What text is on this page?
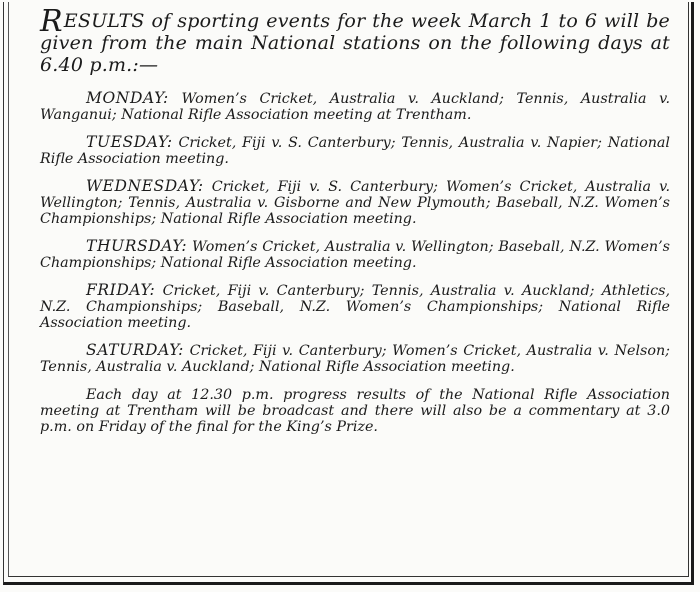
RESULTS of sporting events for the week March 1 to 6 will be given from the main National stations on the following days at 6.40 p.m.:—

MONDAY: Women’s Cricket, Australia v. Auckland; Tennis, Australia v. Wanganui; National Rifle Association meeting at Trentham.

TUESDAY: Cricket, Fiji v. S. Canterbury; Tennis, Australia v. Napier; National Rifle Association meeting.

WEDNESDAY: Cricket, Fiji v. S. Canterbury; Women’s Cricket, Australia v. Wellington; Tennis, Australia v. Gisborne and New Plymouth; Baseball, N.Z. Women’s Championships; National Rifle Association meeting.

THURSDAY: Women’s Cricket, Australia v. Wellington; Baseball, N.Z. Women’s Championships; National Rifle Association meeting.

FRIDAY: Cricket, Fiji v. Canterbury; Tennis, Australia v. Auckland; Athletics, N.Z. Championships; Baseball, N.Z. Women’s Championships; National Rifle Association meeting.

SATURDAY: Cricket, Fiji v. Canterbury; Women’s Cricket, Australia v. Nelson; Tennis, Australia v. Auckland; National Rifle Association meeting.

Each day at 12.30 p.m. progress results of the National Rifle Association meeting at Trentham will be broadcast and there will also be a commentary at 3.0 p.m. on Friday of the final for the King’s Prize.
